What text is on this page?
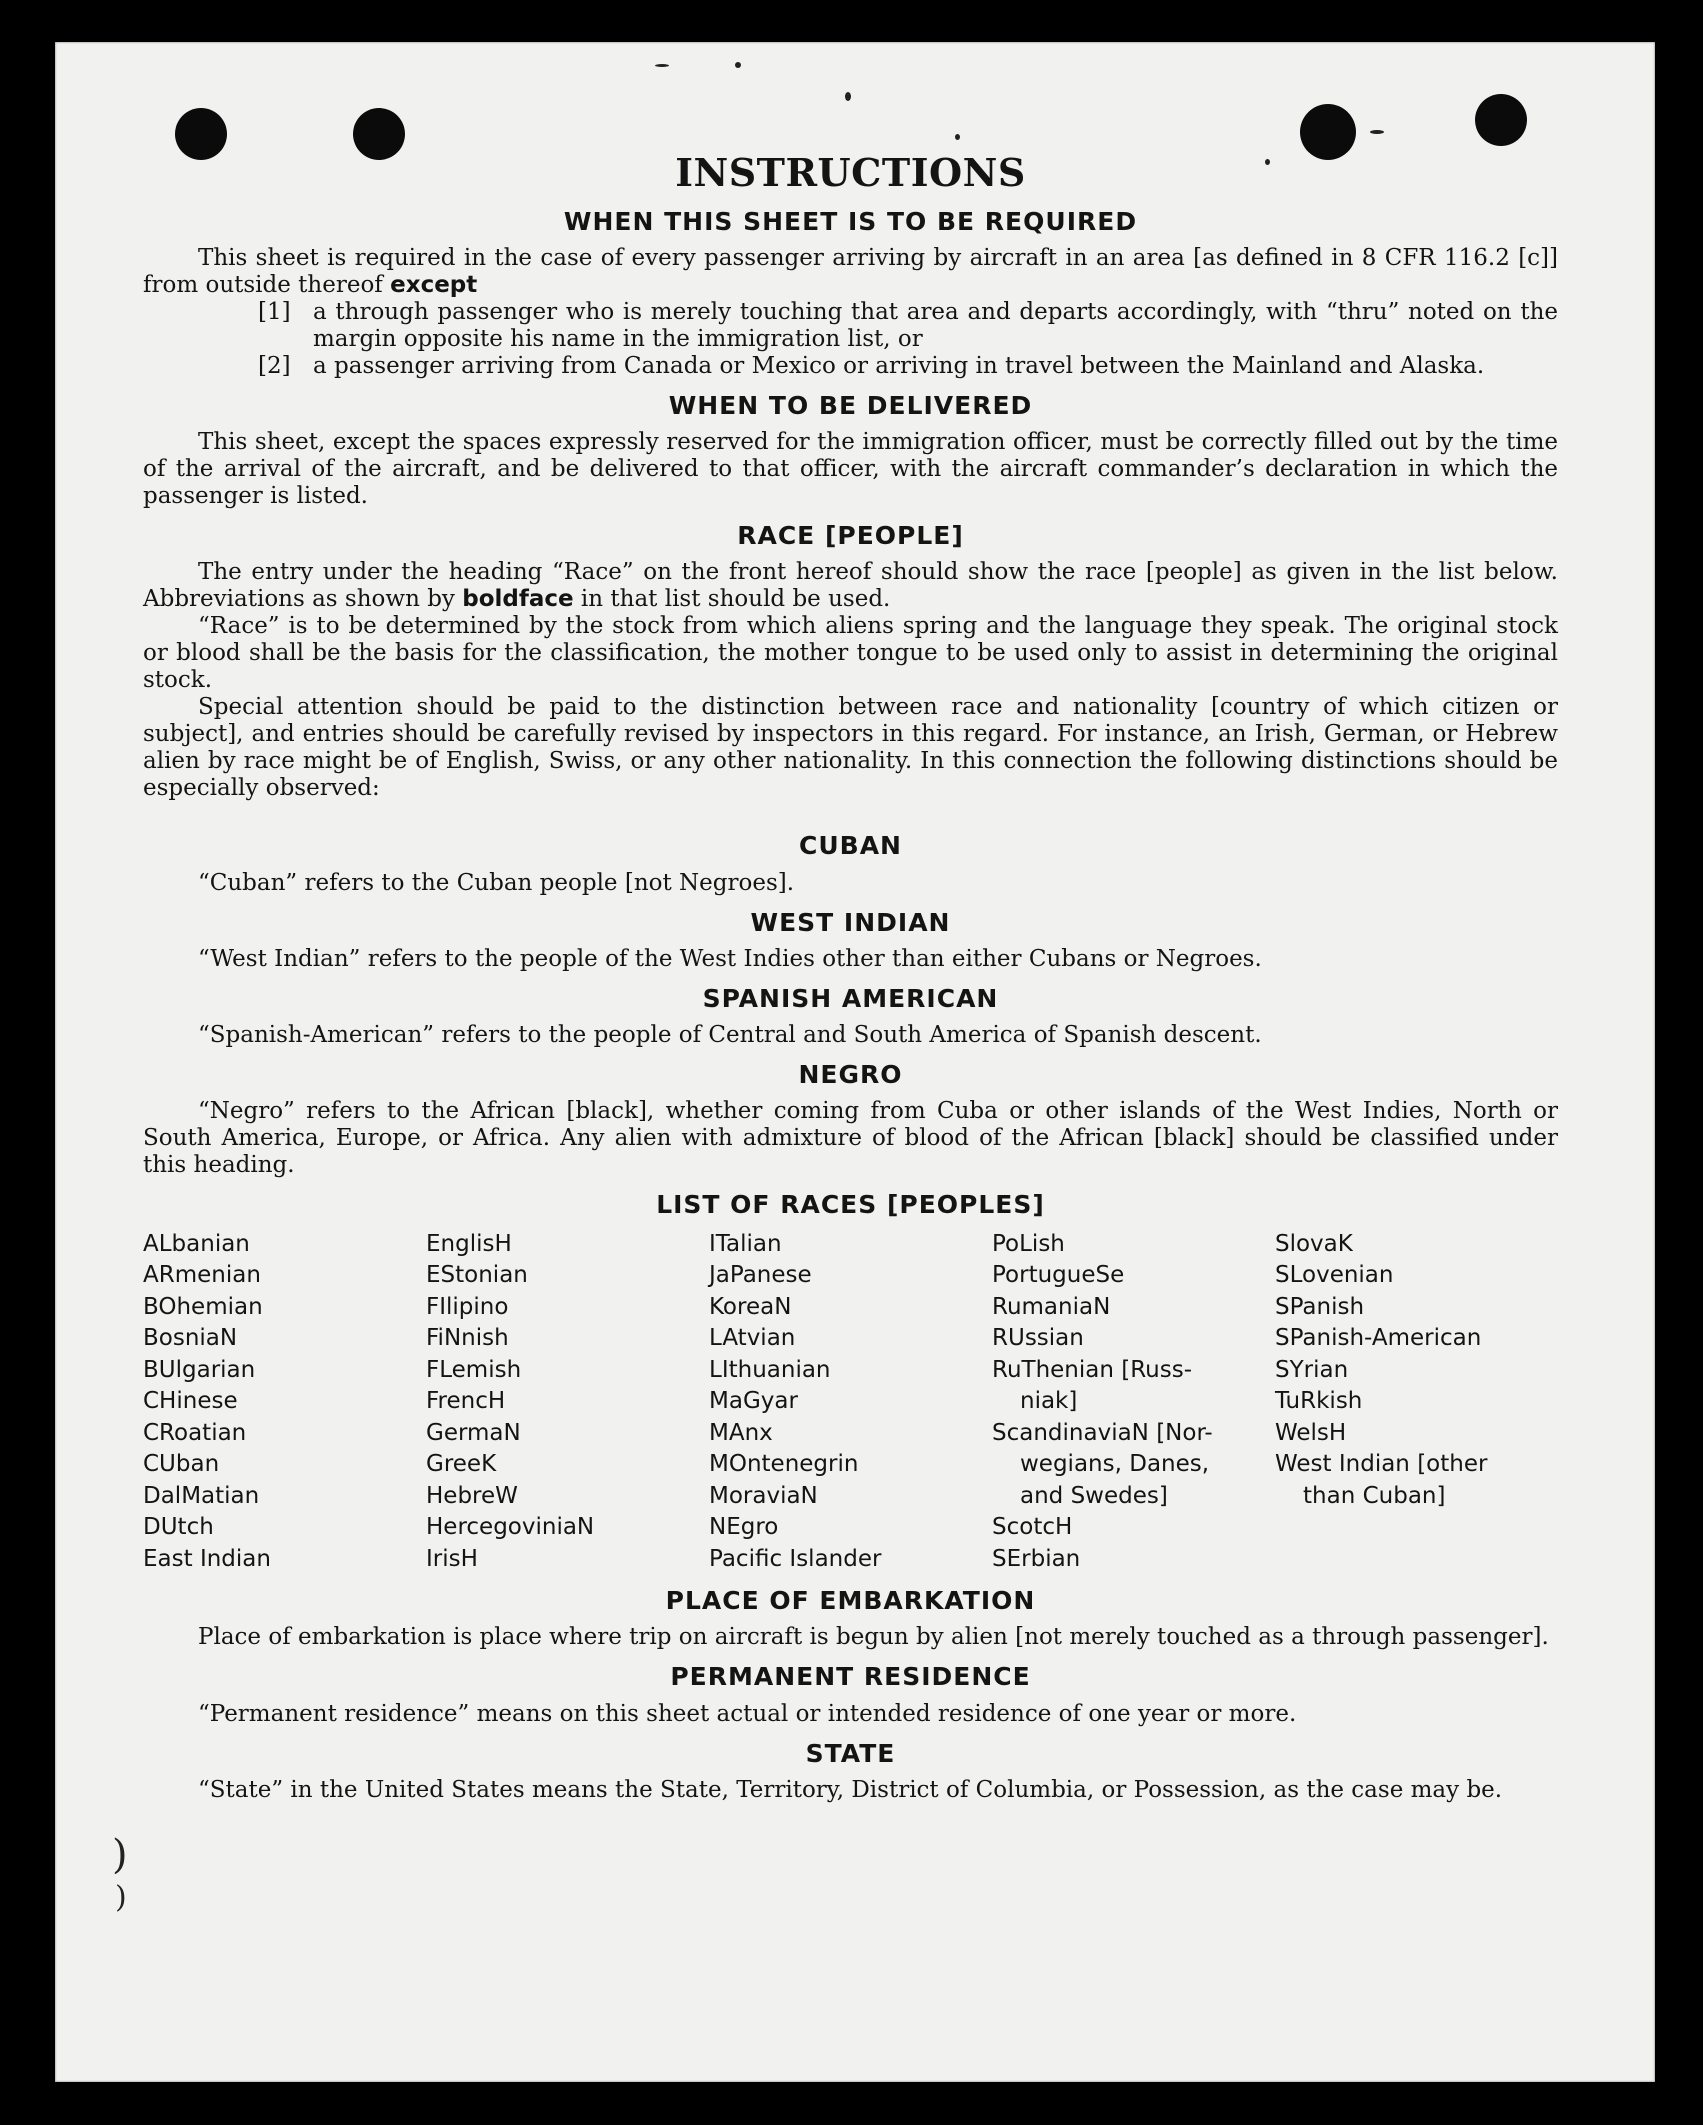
)
)
INSTRUCTIONS
WHEN THIS SHEET IS TO BE REQUIRED

This sheet is required in the case of every passenger arriving by aircraft in an area [as defined in 8 CFR 116.2 [c]] from outside thereof except

[1] a through passenger who is merely touching that area and departs accordingly, with “thru” noted on the margin opposite his name in the immigration list, or
[2] a passenger arriving from Canada or Mexico or arriving in travel between the Mainland and Alaska.
WHEN TO BE DELIVERED

This sheet, except the spaces expressly reserved for the immigration officer, must be correctly filled out by the time of the arrival of the aircraft, and be delivered to that officer, with the aircraft commander’s declaration in which the passenger is listed.

RACE [PEOPLE]

The entry under the heading “Race” on the front hereof should show the race [people] as given in the list below. Abbreviations as shown by boldface in that list should be used.

“Race” is to be determined by the stock from which aliens spring and the language they speak. The original stock or blood shall be the basis for the classification, the mother tongue to be used only to assist in determining the original stock.

Special attention should be paid to the distinction between race and nationality [country of which citizen or subject], and entries should be carefully revised by inspectors in this regard. For instance, an Irish, German, or Hebrew alien by race might be of English, Swiss, or any other nationality. In this connection the following distinctions should be especially observed:

CUBAN

“Cuban” refers to the Cuban people [not Negroes].

WEST INDIAN

“West Indian” refers to the people of the West Indies other than either Cubans or Negroes.

SPANISH AMERICAN

“Spanish-American” refers to the people of Central and South America of Spanish descent.

NEGRO

“Negro” refers to the African [black], whether coming from Cuba or other islands of the West Indies, North or South America, Europe, or Africa. Any alien with admixture of blood of the African [black] should be classified under this heading.

LIST OF RACES [PEOPLES]
ALbanian
ARmenian
BOhemian
BosniaN
BUlgarian
CHinese
CRoatian
CUban
DalMatian
DUtch
East Indian
EnglisH
EStonian
FIlipino
FiNnish
FLemish
FrencH
GermaN
GreeK
HebreW
HercegoviniaN
IrisH
ITalian
JaPanese
KoreaN
LAtvian
LIthuanian
MaGyar
MAnx
MOntenegrin
MoraviaN
NEgro
Pacific Islander
PoLish
PortugueSe
RumaniaN
RUssian
RuThenian [Russ-
niak]
ScandinaviaN [Nor-
wegians, Danes,
and Swedes]
ScotcH
SErbian
SlovaK
SLovenian
SPanish
SPanish-American
SYrian
TuRkish
WelsH
West Indian [other
than Cuban]
PLACE OF EMBARKATION

Place of embarkation is place where trip on aircraft is begun by alien [not merely touched as a through passenger].

PERMANENT RESIDENCE

“Permanent residence” means on this sheet actual or intended residence of one year or more.

STATE

“State” in the United States means the State, Territory, District of Columbia, or Possession, as the case may be.
